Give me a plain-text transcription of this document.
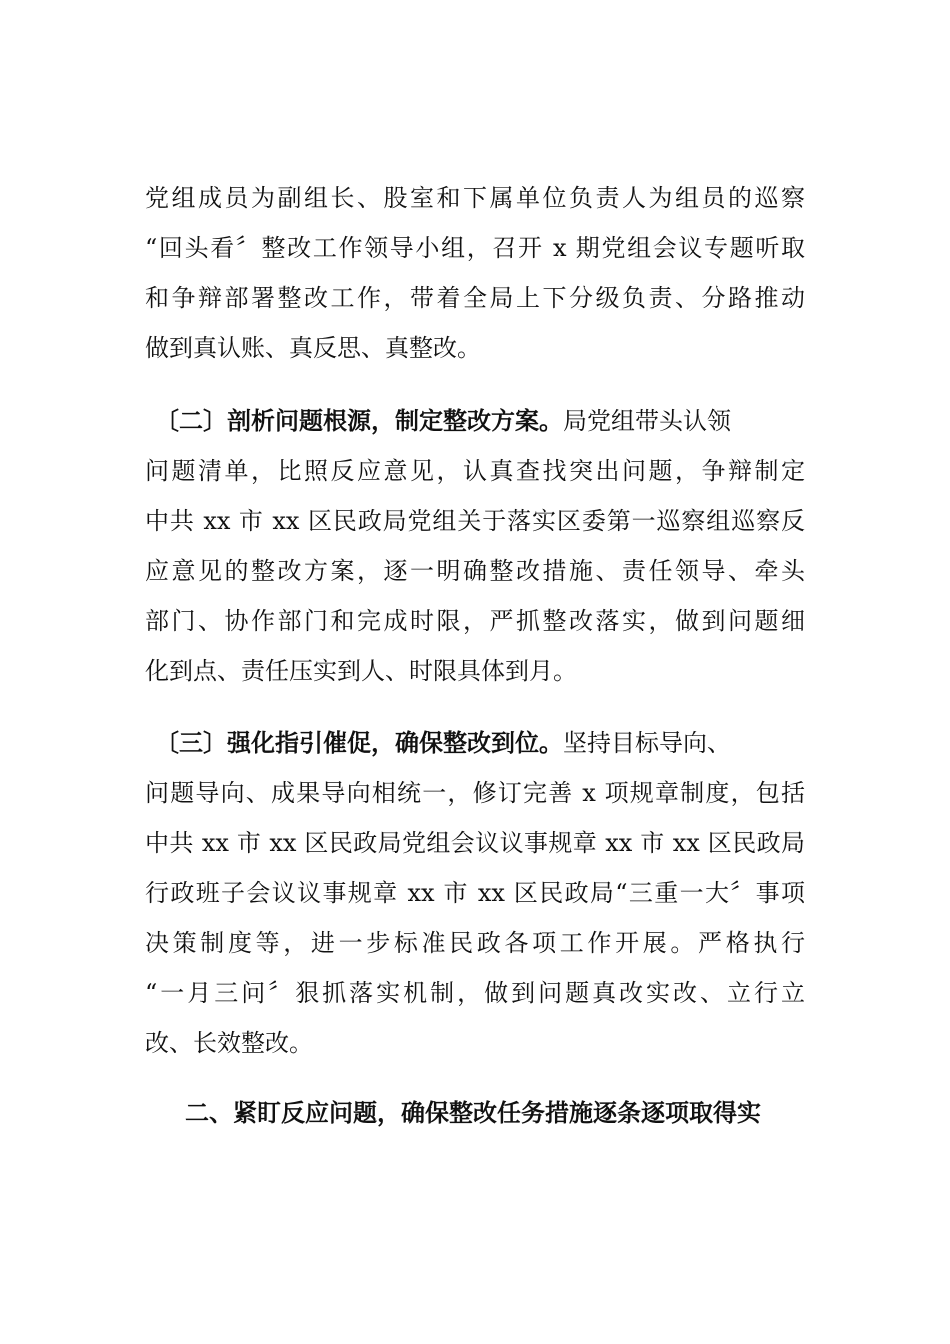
党组成员为副组长、股室和下属单位负责人为组员的巡察
“回头看〞整改工作领导小组，召开 x 期党组会议专题听取
和争辩部署整改工作，带着全局上下分级负责、分路推动
做到真认账、真反思、真整改。
〔二〕剖析问题根源，制定整改方案。局党组带头认领
问题清单，比照反应意见，认真查找突出问题，争辩制定
中共 xx 市 xx 区民政局党组关于落实区委第一巡察组巡察反
应意见的整改方案，逐一明确整改措施、责任领导、牵头
部门、协作部门和完成时限，严抓整改落实，做到问题细
化到点、责任压实到人、时限具体到月。
〔三〕强化指引催促，确保整改到位。坚持目标导向、
问题导向、成果导向相统一，修订完善 x 项规章制度，包括
中共 xx 市 xx 区民政局党组会议议事规章 xx 市 xx 区民政局
行政班子会议议事规章 xx 市 xx 区民政局“三重一大〞事项
决策制度等，进一步标准民政各项工作开展。严格执行
“一月三问〞狠抓落实机制，做到问题真改实改、立行立
改、长效整改。
二、紧盯反应问题，确保整改任务措施逐条逐项取得实
